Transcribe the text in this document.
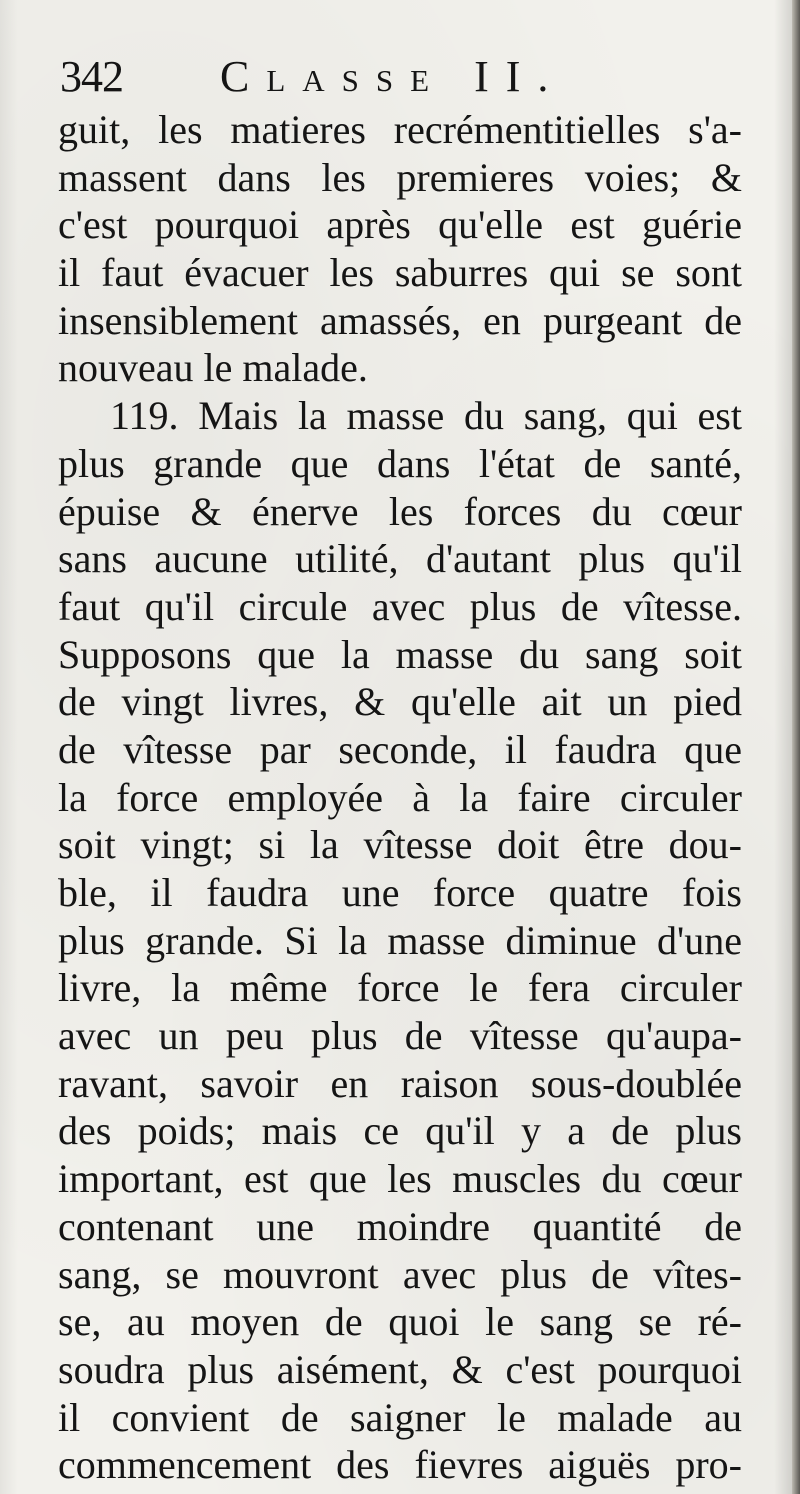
342 Classe II.
guit, les matieres recrémentitielles s'a-
massent dans les premieres voies; &
c'est pourquoi après qu'elle est guérie
il faut évacuer les saburres qui se sont
insensiblement amassés, en purgeant de
nouveau le malade.
119. Mais la masse du sang, qui est
plus grande que dans l'état de santé,
épuise & énerve les forces du cœur
sans aucune utilité, d'autant plus qu'il
faut qu'il circule avec plus de vîtesse.
Supposons que la masse du sang soit
de vingt livres, & qu'elle ait un pied
de vîtesse par seconde, il faudra que
la force employée à la faire circuler
soit vingt; si la vîtesse doit être dou-
ble, il faudra une force quatre fois
plus grande. Si la masse diminue d'une
livre, la même force le fera circuler
avec un peu plus de vîtesse qu'aupa-
ravant, savoir en raison sous-doublée
des poids; mais ce qu'il y a de plus
important, est que les muscles du cœur
contenant une moindre quantité de
sang, se mouvront avec plus de vîtes-
se, au moyen de quoi le sang se ré-
soudra plus aisément, & c'est pourquoi
il convient de saigner le malade au
commencement des fievres aiguës pro-
